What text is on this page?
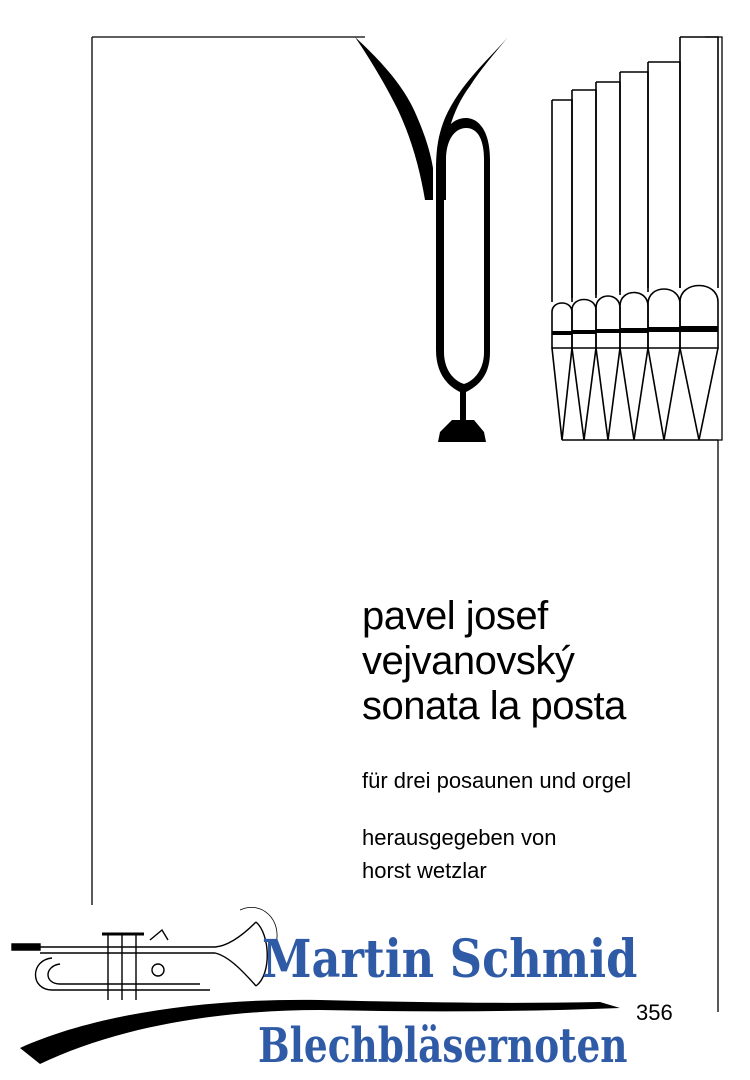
pavel josef
vejvanovský
sonata la posta
für drei posaunen und orgel
herausgegeben von
horst wetzlar
356
Martin Schmid
Blechbläsernoten
